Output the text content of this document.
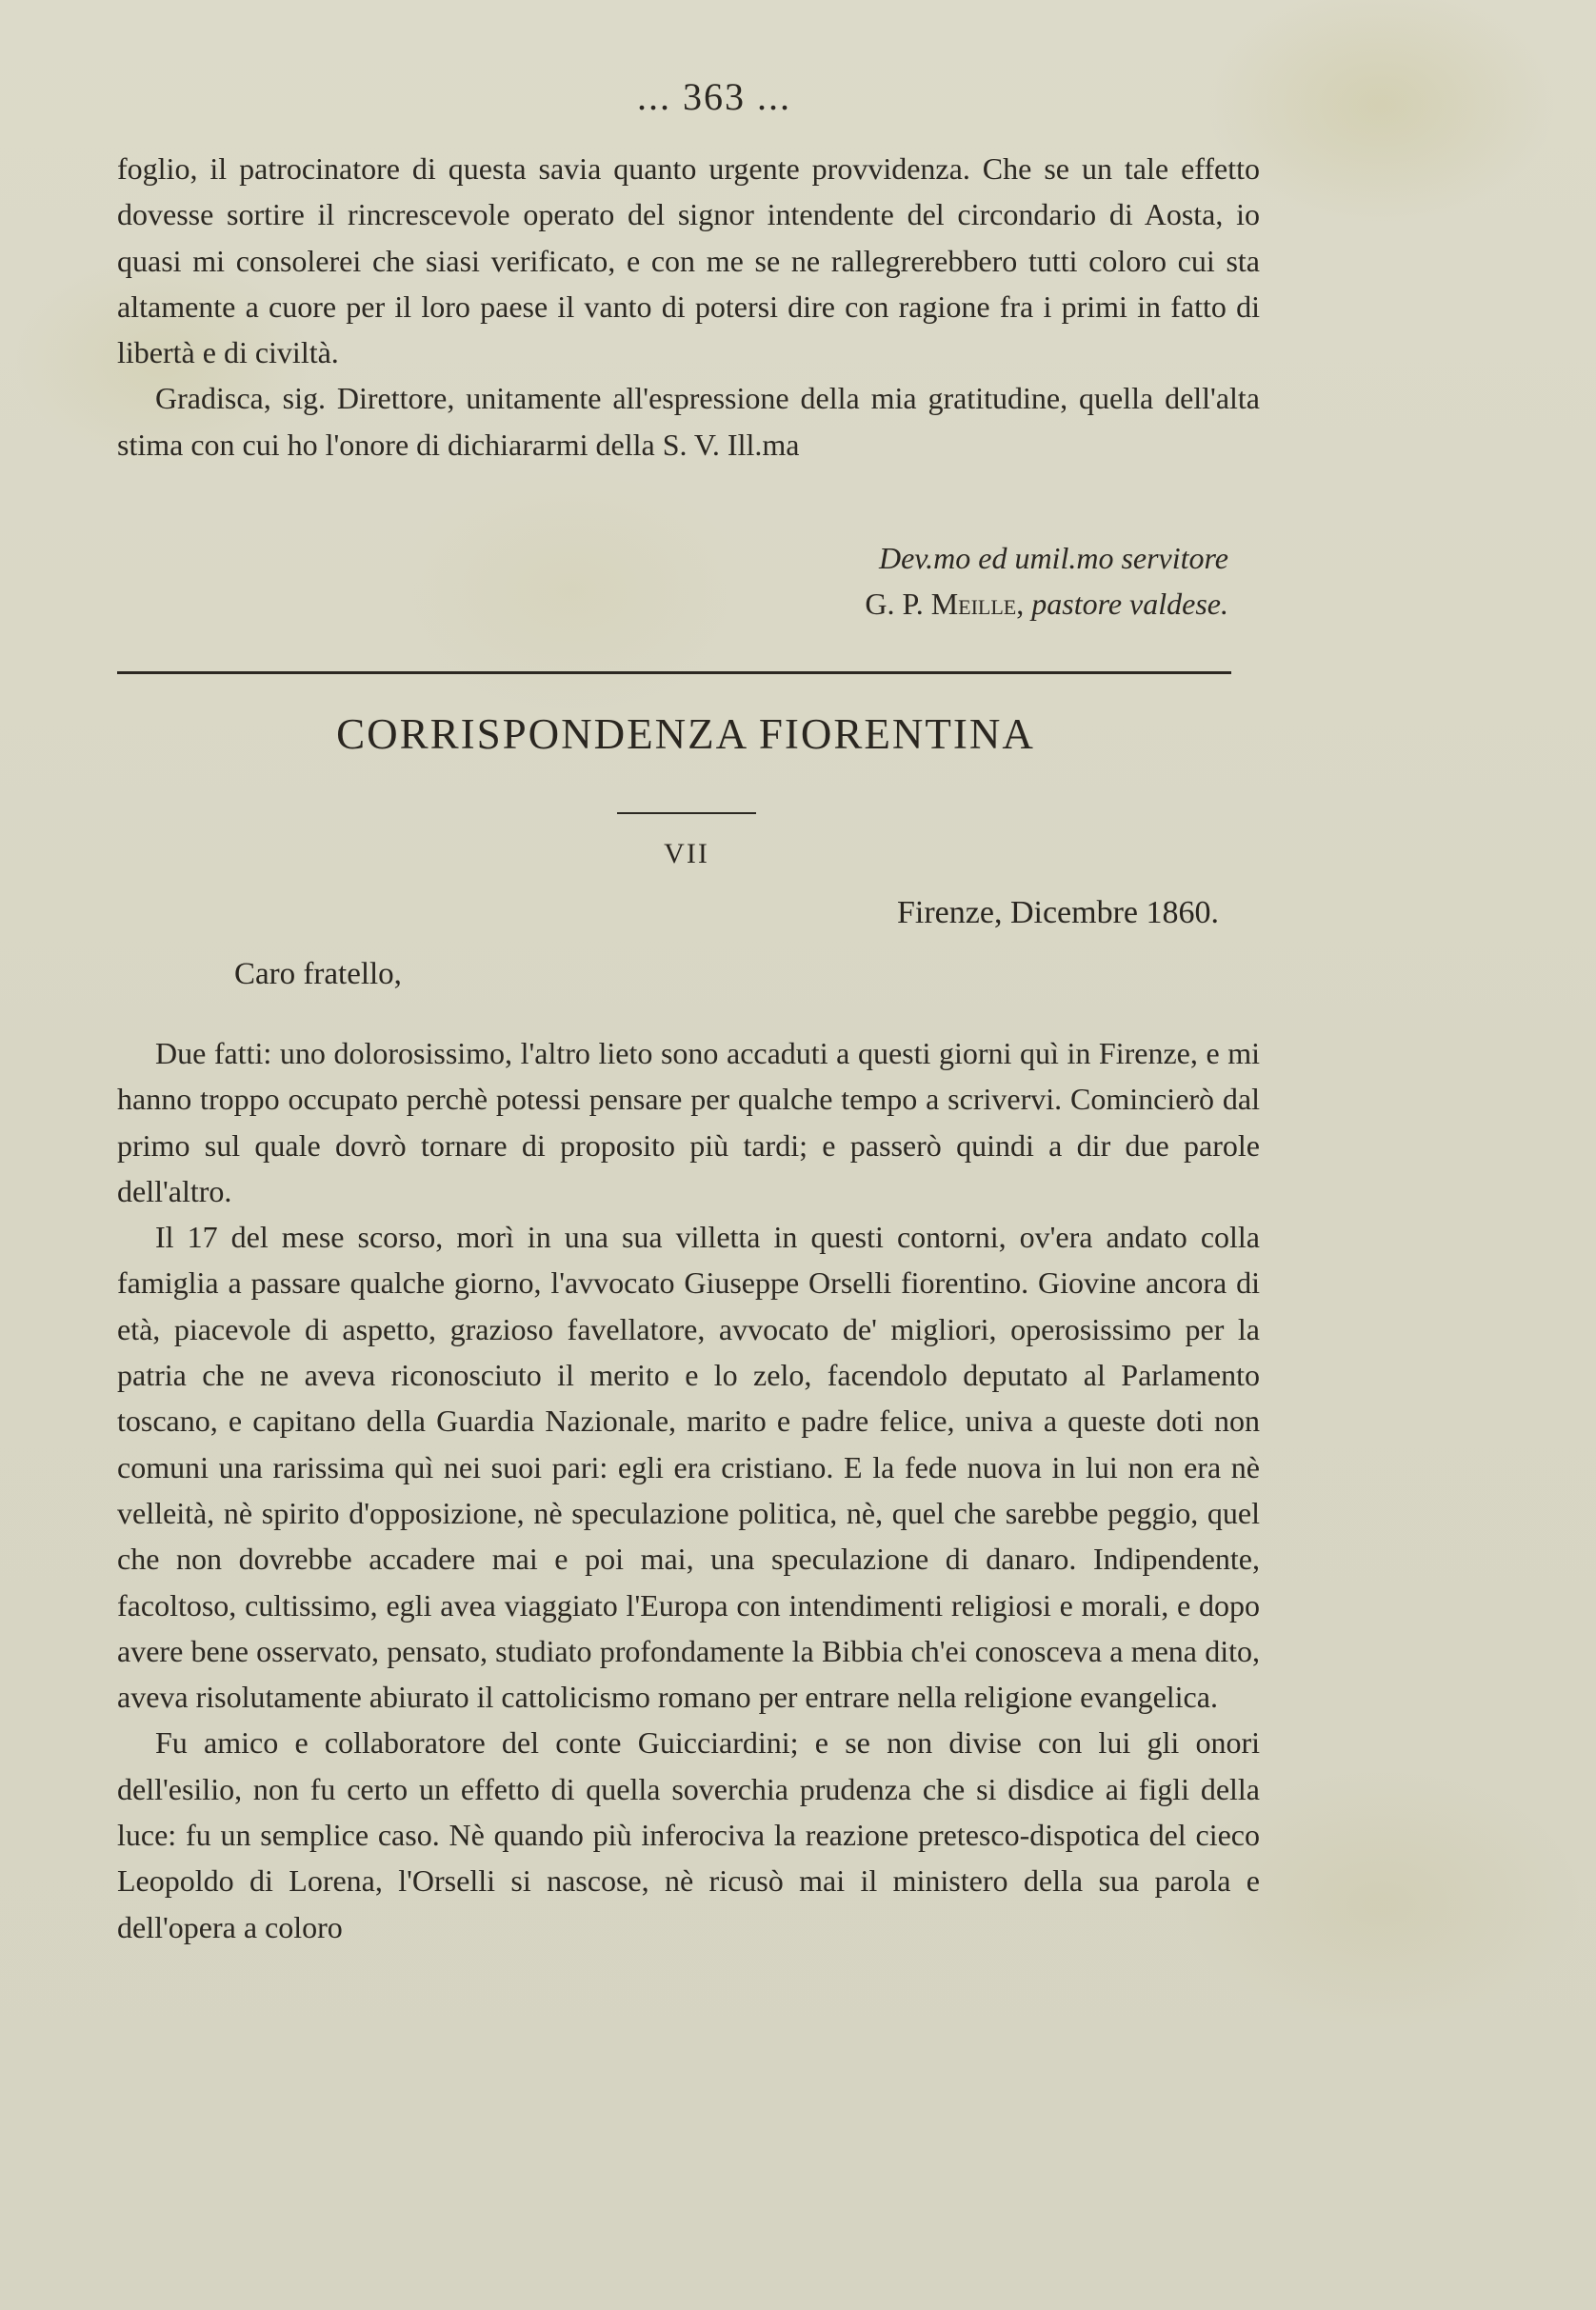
... 363 ...

foglio, il patrocinatore di questa savia quanto urgente provvidenza. Che se un tale effetto dovesse sortire il rincrescevole operato del signor intendente del circondario di Aosta, io quasi mi consolerei che siasi verificato, e con me se ne rallegrerebbero tutti coloro cui sta altamente a cuore per il loro paese il vanto di potersi dire con ragione fra i primi in fatto di libertà e di civiltà.

Gradisca, sig. Direttore, unitamente all'espressione della mia gratitudine, quella dell'alta stima con cui ho l'onore di dichiararmi della S. V. Ill.ma

Dev.mo ed umil.mo servitore
G. P. Meille, pastore valdese.
CORRISPONDENZA FIORENTINA
VII
Firenze, Dicembre 1860.
Caro fratello,

Due fatti: uno dolorosissimo, l'altro lieto sono accaduti a questi giorni quì in Firenze, e mi hanno troppo occupato perchè potessi pensare per qualche tempo a scrivervi. Comincierò dal primo sul quale dovrò tornare di proposito più tardi; e passerò quindi a dir due parole dell'altro.

Il 17 del mese scorso, morì in una sua villetta in questi contorni, ov'era andato colla famiglia a passare qualche giorno, l'avvocato Giuseppe Orselli fiorentino. Giovine ancora di età, piacevole di aspetto, grazioso favellatore, avvocato de' migliori, operosissimo per la patria che ne aveva riconosciuto il merito e lo zelo, facendolo deputato al Parlamento toscano, e capitano della Guardia Nazionale, marito e padre felice, univa a queste doti non comuni una rarissima quì nei suoi pari: egli era cristiano. E la fede nuova in lui non era nè velleità, nè spirito d'opposizione, nè speculazione politica, nè, quel che sarebbe peggio, quel che non dovrebbe accadere mai e poi mai, una speculazione di danaro. Indipendente, facoltoso, cultissimo, egli avea viaggiato l'Europa con intendimenti religiosi e morali, e dopo avere bene osservato, pensato, studiato profondamente la Bibbia ch'ei conosceva a mena dito, aveva risolutamente abiurato il cattolicismo romano per entrare nella religione evangelica.

Fu amico e collaboratore del conte Guicciardini; e se non divise con lui gli onori dell'esilio, non fu certo un effetto di quella soverchia prudenza che si disdice ai figli della luce: fu un semplice caso. Nè quando più inferociva la reazione pretesco-dispotica del cieco Leopoldo di Lorena, l'Orselli si nascose, nè ricusò mai il ministero della sua parola e dell'opera a coloro
